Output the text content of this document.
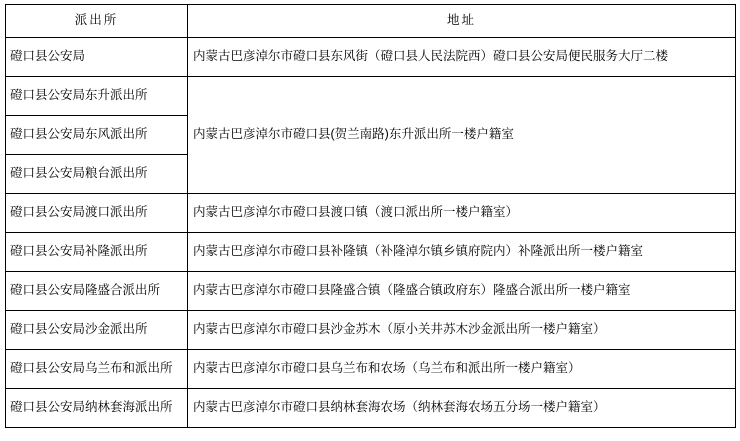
派出所	地址

磴口县公安局	内蒙古巴彦淖尔市磴口县东风街（磴口县人民法院西）磴口县公安局便民服务大厅二楼
磴口县公安局东升派出所	内蒙古巴彦淖尔市磴口县(贺兰南路)东升派出所一楼户籍室
磴口县公安局东风派出所	
磴口县公安局粮台派出所	
磴口县公安局渡口派出所	内蒙古巴彦淖尔市磴口县渡口镇（渡口派出所一楼户籍室）
磴口县公安局补隆派出所	内蒙古巴彦淖尔市磴口县补隆镇（补隆淖尔镇乡镇府院内）补隆派出所一楼户籍室
磴口县公安局隆盛合派出所	内蒙古巴彦淖尔市磴口县隆盛合镇（隆盛合镇政府东）隆盛合派出所一楼户籍室
磴口县公安局沙金派出所	内蒙古巴彦淖尔市磴口县沙金苏木（原小关井苏木沙金派出所一楼户籍室）
磴口县公安局乌兰布和派出所	内蒙古巴彦淖尔市磴口县乌兰布和农场（乌兰布和派出所一楼户籍室）
磴口县公安局纳林套海派出所	内蒙古巴彦淖尔市磴口县纳林套海农场（纳林套海农场五分场一楼户籍室）
